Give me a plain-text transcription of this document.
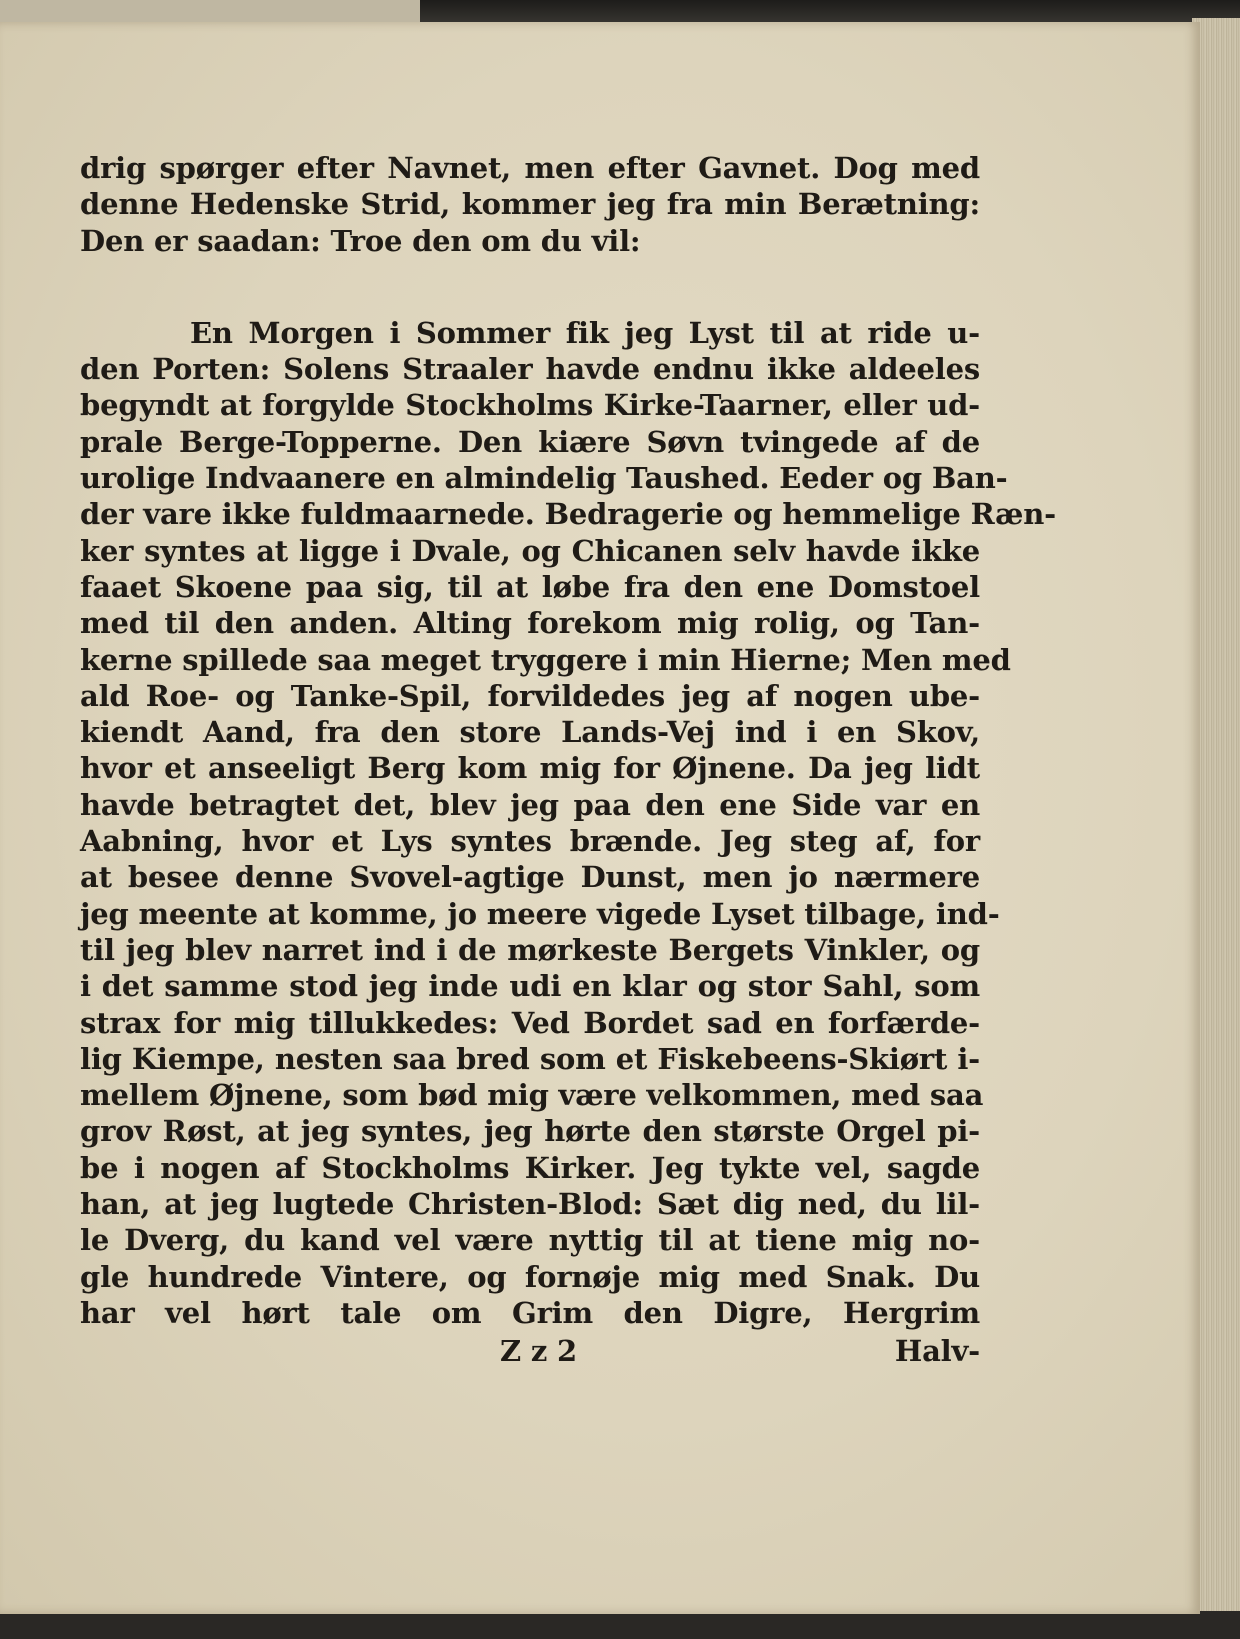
drig spørger efter Navnet, men efter Gavnet. Dog med
denne Hedenske Strid, kommer jeg fra min Berætning:
Den er saadan: Troe den om du vil:
En Morgen i Sommer fik jeg Lyst til at ride u-
den Porten: Solens Straaler havde endnu ikke aldeeles
begyndt at forgylde Stockholms Kirke-Taarner, eller ud-
prale Berge-Topperne. Den kiære Søvn tvingede af de
urolige Indvaanere en almindelig Taushed. Eeder og Ban-
der vare ikke fuldmaarnede. Bedragerie og hemmelige Ræn-
ker syntes at ligge i Dvale, og Chicanen selv havde ikke
faaet Skoene paa sig, til at løbe fra den ene Domstoel
med til den anden. Alting forekom mig rolig, og Tan-
kerne spillede saa meget tryggere i min Hierne; Men med
ald Roe- og Tanke-Spil, forvildedes jeg af nogen ube-
kiendt Aand, fra den store Lands-Vej ind i en Skov,
hvor et anseeligt Berg kom mig for Øjnene. Da jeg lidt
havde betragtet det, blev jeg paa den ene Side var en
Aabning, hvor et Lys syntes brænde. Jeg steg af, for
at besee denne Svovel-agtige Dunst, men jo nærmere
jeg meente at komme, jo meere vigede Lyset tilbage, ind-
til jeg blev narret ind i de mørkeste Bergets Vinkler, og
i det samme stod jeg inde udi en klar og stor Sahl, som
strax for mig tillukkedes: Ved Bordet sad en forfærde-
lig Kiempe, nesten saa bred som et Fiskebeens-Skiørt i-
mellem Øjnene, som bød mig være velkommen, med saa
grov Røst, at jeg syntes, jeg hørte den største Orgel pi-
be i nogen af Stockholms Kirker. Jeg tykte vel, sagde
han, at jeg lugtede Christen-Blod: Sæt dig ned, du lil-
le Dverg, du kand vel være nyttig til at tiene mig no-
gle hundrede Vintere, og fornøje mig med Snak. Du
har vel hørt tale om Grim den Digre, Hergrim
Z z 2	Halv-
